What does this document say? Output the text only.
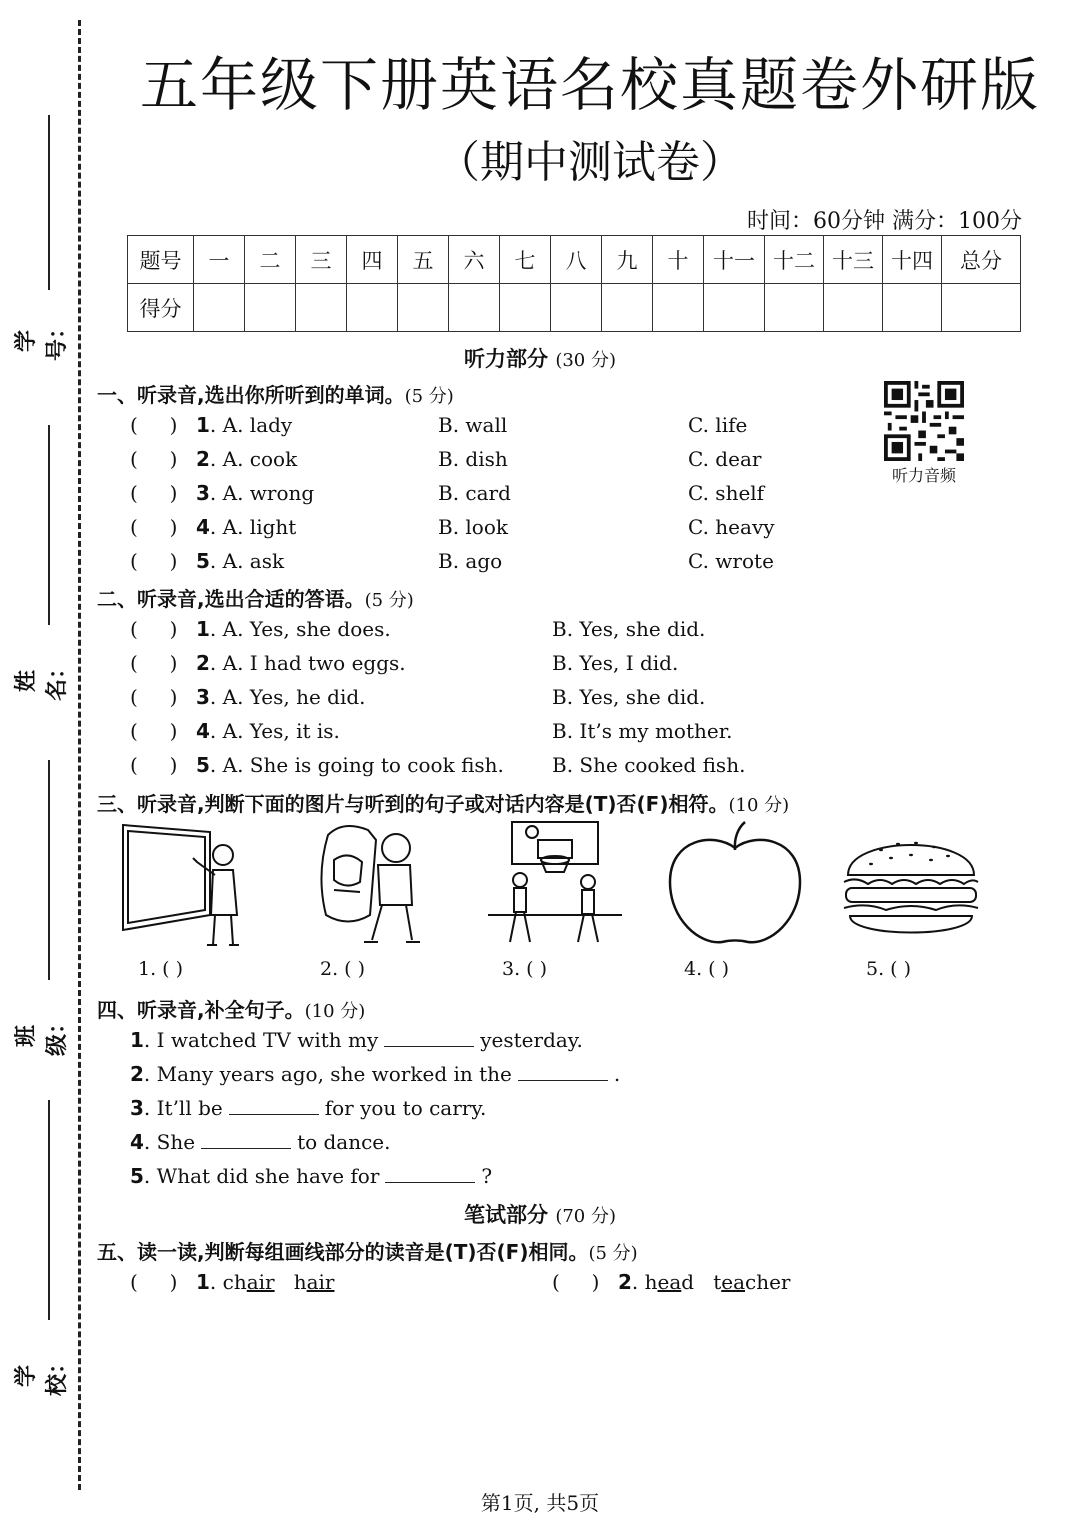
学号：
姓名：
班级：
学校：
五年级下册英语名校真题卷外研版
（期中测试卷）
时间：60分钟 满分：100分
题号	一	二	三	四	五	六	七	八	九	十	十一	十二	十三	十四	总分
得分															
听力部分 (30 分)
听力音频
一、听录音,选出你所听到的单词。(5 分)
(     ) 1. A. lady	B. wall	C. life
(     ) 2. A. cook	B. dish	C. dear
(     ) 3. A. wrong	B. card	C. shelf
(     ) 4. A. light	B. look	C. heavy
(     ) 5. A. ask	B. ago	C. wrote
二、听录音,选出合适的答语。(5 分)
(     ) 1. A. Yes, she does.	B. Yes, she did.
(     ) 2. A. I had two eggs.	B. Yes, I did.
(     ) 3. A. Yes, he did.	B. Yes, she did.
(     ) 4. A. Yes, it is.	B. It’s my mother.
(     ) 5. A. She is going to cook fish. B. She cooked fish.
三、听录音,判断下面的图片与听到的句子或对话内容是(T)否(F)相符。(10 分)
1. ( )	2. ( )	3. ( )	4. ( )	5. ( )
四、听录音,补全句子。(10 分)
1. I watched TV with my	yesterday.
2. Many years ago, she worked in the	.
3. It’ll be	for you to carry.
4. She	to dance.
5. What did she have for	?
笔试部分 (70 分)
五、读一读,判断每组画线部分的读音是(T)否(F)相同。(5 分)
(     ) 1. chair hair	(     ) 2. head teacher
第1页, 共5页
